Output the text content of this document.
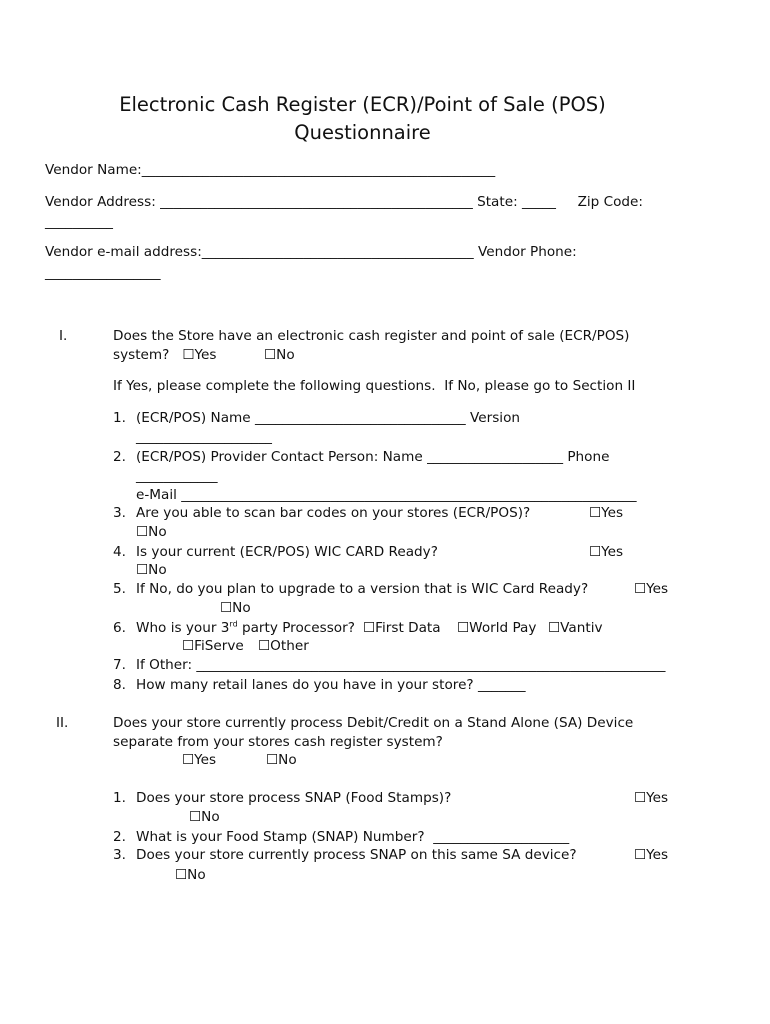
Electronic Cash Register (ECR)/Point of Sale (POS)
Questionnaire
Vendor Name:____________________________________________________
Vendor Address: ______________________________________________ State: _____     Zip Code:
__________
Vendor e-mail address:________________________________________ Vendor Phone:
_________________
I.	Does the Store have an electronic cash register and point of sale (ECR/POS)
system?   ☐Yes           ☐No
If Yes, please complete the following questions.  If No, please go to Section II
1. (ECR/POS) Name _______________________________ Version
____________________
2. (ECR/POS) Provider Contact Person: Name ____________________ Phone
____________
e-Mail ___________________________________________________________________
3. Are you able to scan bar codes on your stores (ECR/POS)?	☐Yes
☐No
4. Is your current (ECR/POS) WIC CARD Ready?	☐Yes
☐No
5. If No, do you plan to upgrade to a version that is WIC Card Ready?	☐Yes
☐No
6. Who is your 3rd party Processor? ☐First Data ☐World Pay ☐Vantiv
☐FiServe ☐Other
7. If Other: _____________________________________________________________________
8. How many retail lanes do you have in your store? _______
II.	Does your store currently process Debit/Credit on a Stand Alone (SA) Device
separate from your stores cash register system?
☐Yes	☐No
1. Does your store process SNAP (Food Stamps)?	☐Yes
☐No
2. What is your Food Stamp (SNAP) Number?  ____________________
3. Does your store currently process SNAP on this same SA device?	☐Yes
☐No
